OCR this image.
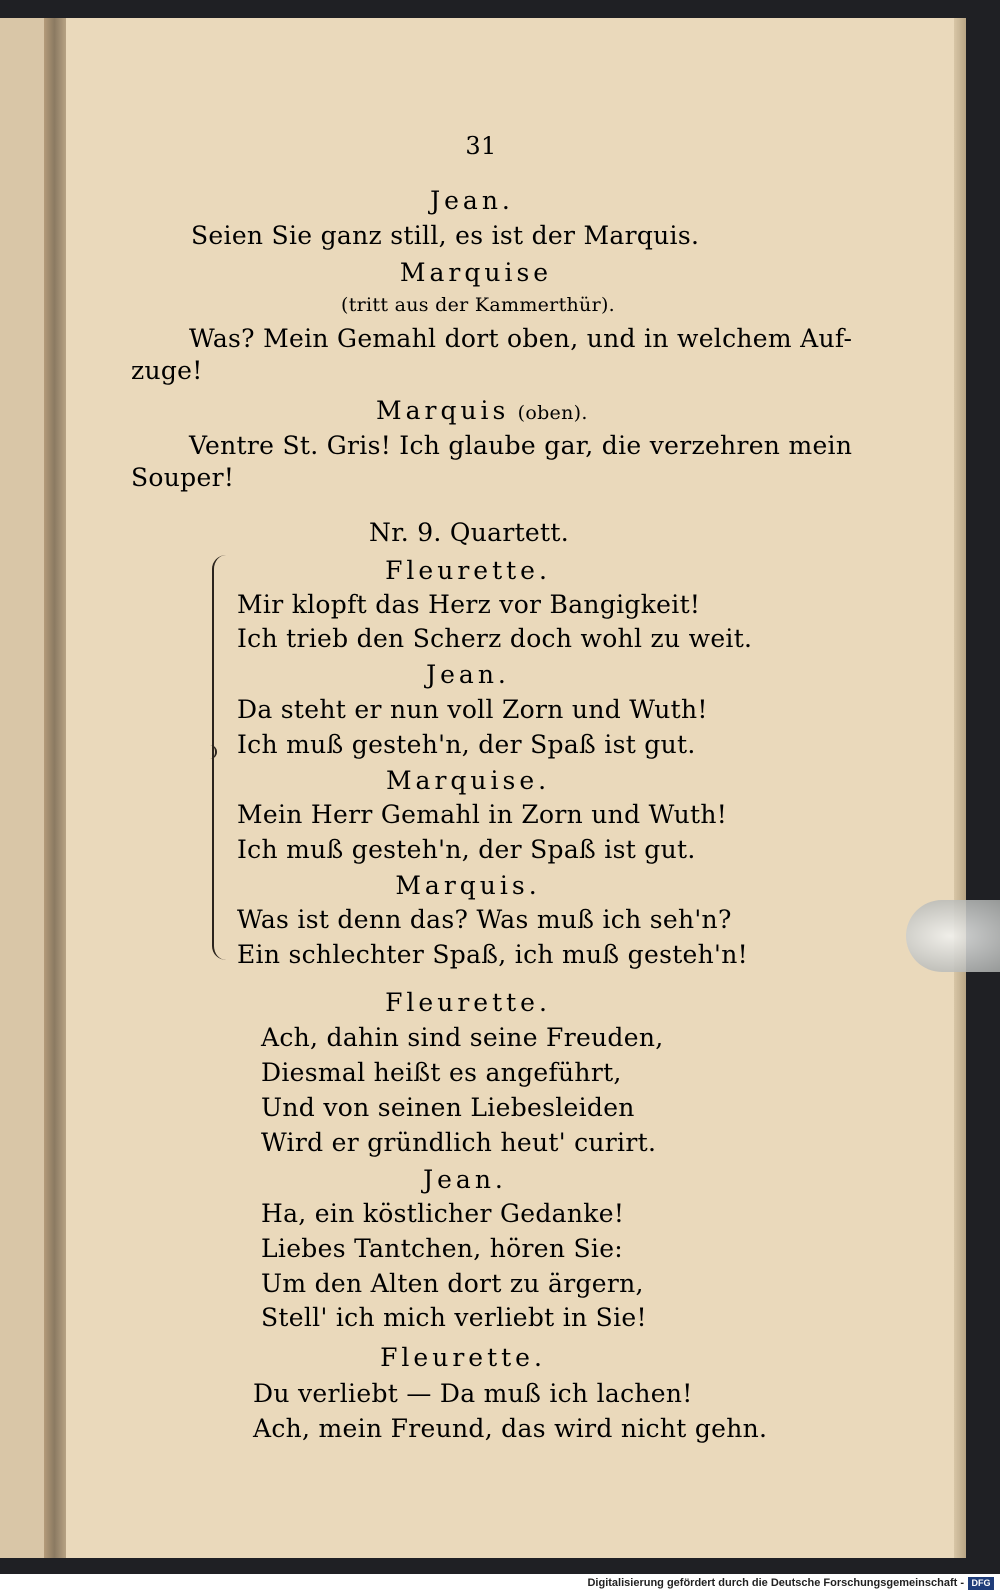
31
Jean.
Seien Sie ganz still, es ist der Marquis.
Marquise
(tritt aus der Kammerthür).
Was? Mein Gemahl dort oben, und in welchem Auf-
zuge!
Marquis (oben).
Ventre St. Gris! Ich glaube gar, die verzehren mein
Souper!
Nr. 9. Quartett.
Fleurette.
Mir klopft das Herz vor Bangigkeit!
Ich trieb den Scherz doch wohl zu weit.
Jean.
Da steht er nun voll Zorn und Wuth!
Ich muß gesteh'n, der Spaß ist gut.
Marquise.
Mein Herr Gemahl in Zorn und Wuth!
Ich muß gesteh'n, der Spaß ist gut.
Marquis.
Was ist denn das? Was muß ich seh'n?
Ein schlechter Spaß, ich muß gesteh'n!
Fleurette.
Ach, dahin sind seine Freuden,
Diesmal heißt es angeführt,
Und von seinen Liebesleiden
Wird er gründlich heut' curirt.
Jean.
Ha, ein köstlicher Gedanke!
Liebes Tantchen, hören Sie:
Um den Alten dort zu ärgern,
Stell' ich mich verliebt in Sie!
Fleurette.
Du verliebt — Da muß ich lachen!
Ach, mein Freund, das wird nicht gehn.
Digitalisierung gefördert durch die Deutsche Forschungsgemeinschaft - DFG
